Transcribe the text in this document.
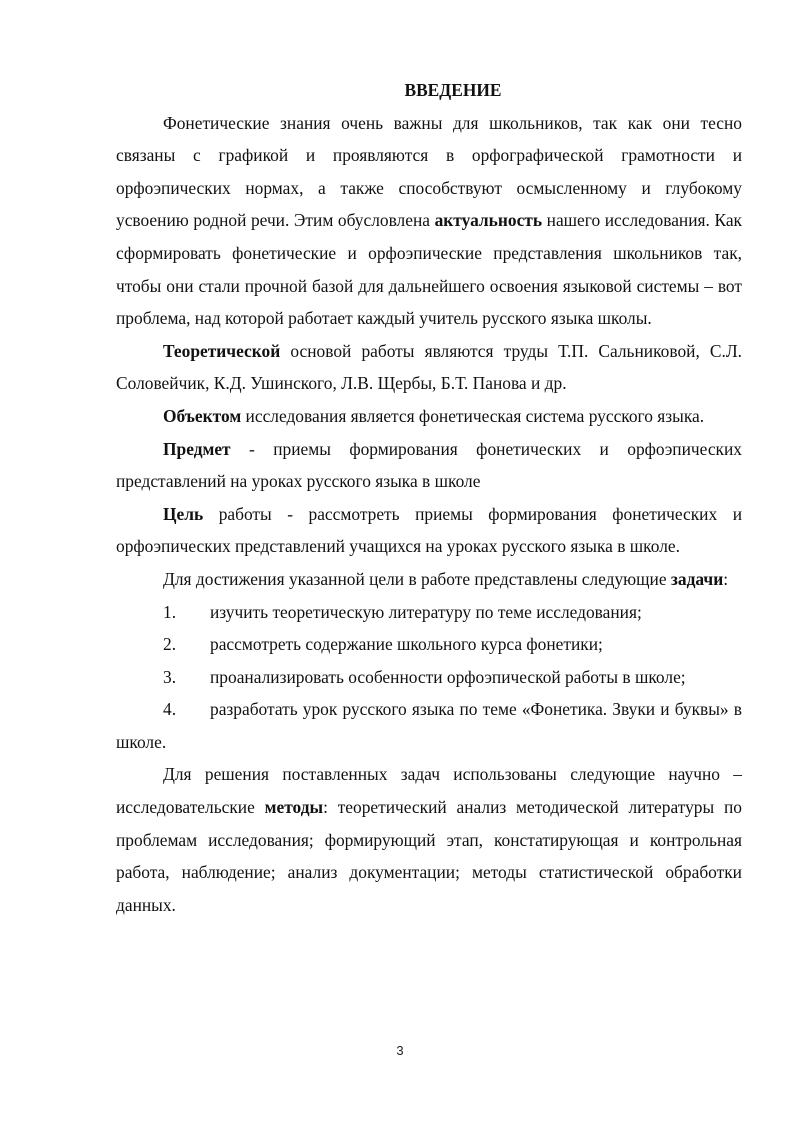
ВВЕДЕНИЕ

Фонетические знания очень важны для школьников, так как они тесно связаны с графикой и проявляются в орфографической грамотности и орфоэпических нормах, а также способствуют осмысленному и глубокому усвоению родной речи. Этим обусловлена актуальность нашего исследования. Как сформировать фонетические и орфоэпические представления школьников так, чтобы они стали прочной базой для дальнейшего освоения языковой системы – вот проблема, над которой работает каждый учитель русского языка школы.

Теоретической основой работы являются труды Т.П. Сальниковой, С.Л. Соловейчик, К.Д. Ушинского, Л.В. Щербы, Б.Т. Панова и др.

Объектом исследования является фонетическая система русского языка.

Предмет - приемы формирования фонетических и орфоэпических представлений на уроках русского языка в школе

Цель работы - рассмотреть приемы формирования фонетических и орфоэпических представлений учащихся на уроках русского языка в школе.

Для достижения указанной цели в работе представлены следующие задачи:

1. изучить теоретическую литературу по теме исследования;
2. рассмотреть содержание школьного курса фонетики;
3. проанализировать особенности орфоэпической работы в школе;
4. разработать урок русского языка по теме «Фонетика. Звуки и буквы» в школе.

Для решения поставленных задач использованы следующие научно – исследовательские методы: теоретический анализ методической литературы по проблемам исследования; формирующий этап, констатирующая и контрольная работа, наблюдение; анализ документации; методы статистической обработки данных.

3
